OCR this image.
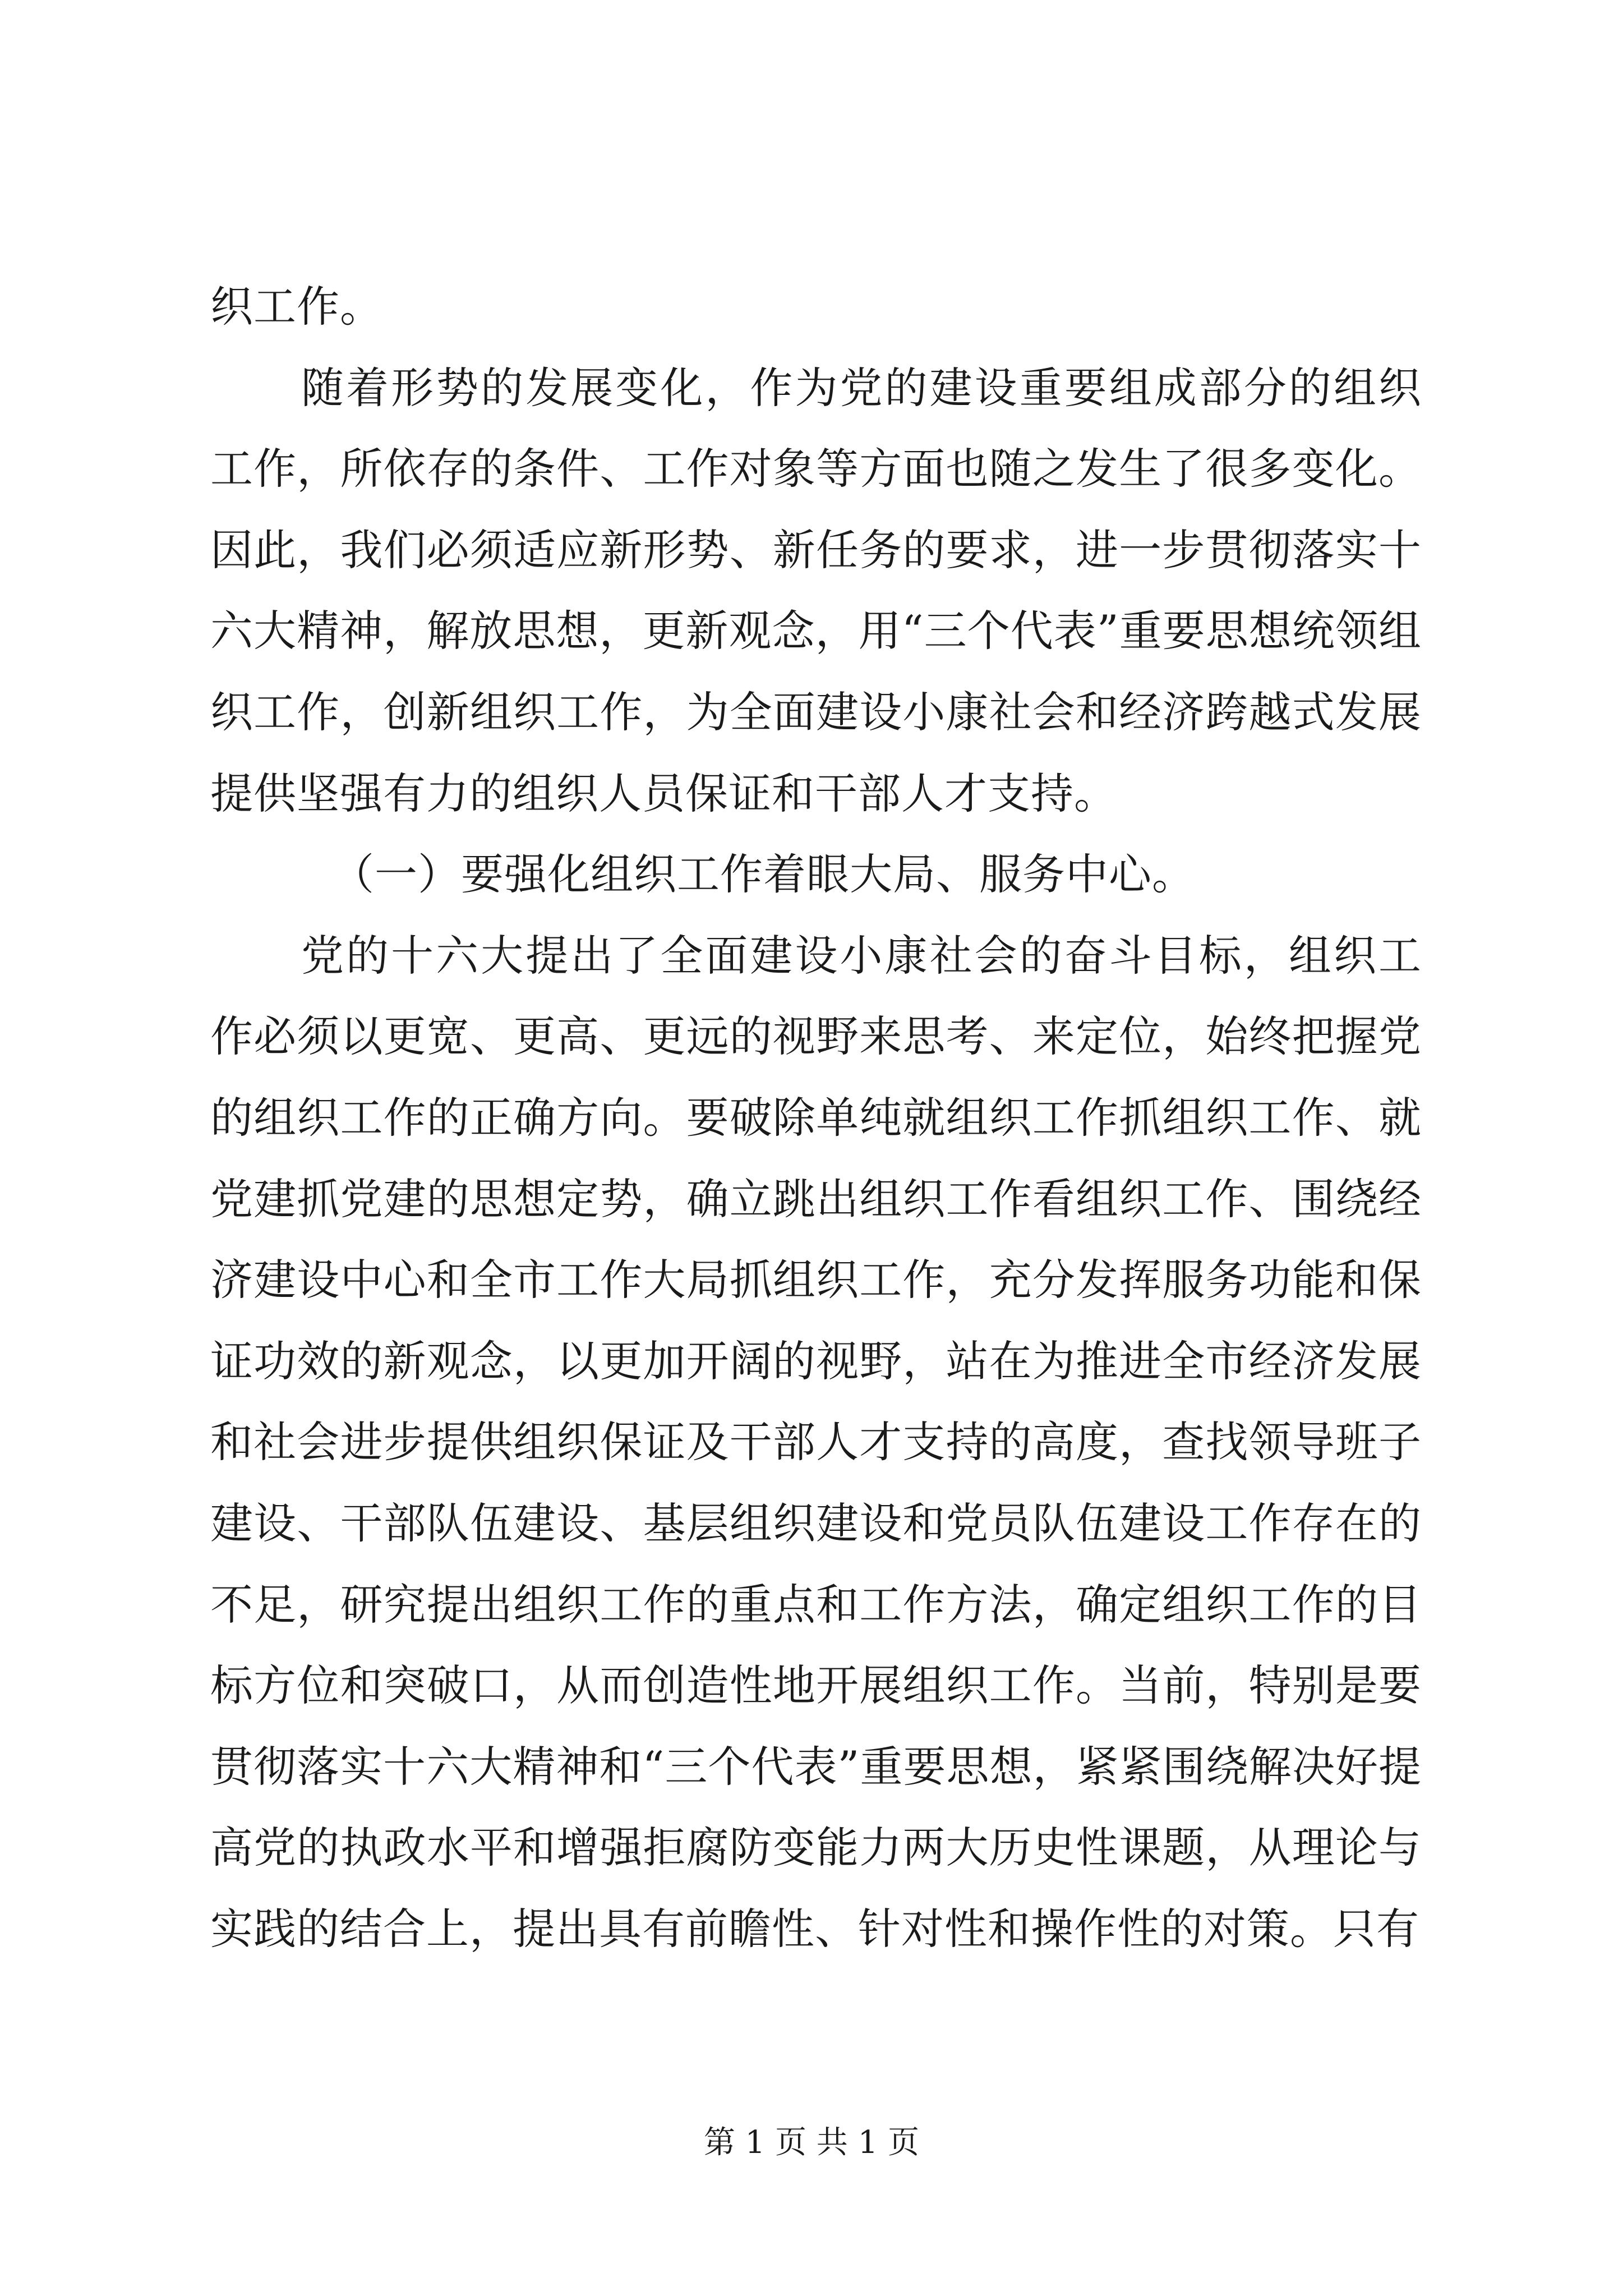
织工作。

随着形势的发展变化，作为党的建设重要组成部分的组织工作，所依存的条件、工作对象等方面也随之发生了很多变化。因此，我们必须适应新形势、新任务的要求，进一步贯彻落实十六大精神，解放思想，更新观念，用“三个代表”重要思想统领组织工作，创新组织工作，为全面建设小康社会和经济跨越式发展提供坚强有力的组织人员保证和干部人才支持。

（一）要强化组织工作着眼大局、服务中心。

党的十六大提出了全面建设小康社会的奋斗目标，组织工作必须以更宽、更高、更远的视野来思考、来定位，始终把握党的组织工作的正确方向。要破除单纯就组织工作抓组织工作、就党建抓党建的思想定势，确立跳出组织工作看组织工作、围绕经济建设中心和全市工作大局抓组织工作，充分发挥服务功能和保证功效的新观念，以更加开阔的视野，站在为推进全市经济发展和社会进步提供组织保证及干部人才支持的高度，查找领导班子建设、干部队伍建设、基层组织建设和党员队伍建设工作存在的不足，研究提出组织工作的重点和工作方法，确定组织工作的目标方位和突破口，从而创造性地开展组织工作。当前，特别是要贯彻落实十六大精神和“三个代表”重要思想，紧紧围绕解决好提高党的执政水平和增强拒腐防变能力两大历史性课题，从理论与实践的结合上，提出具有前瞻性、针对性和操作性的对策。只有

第 1 页 共 1 页
